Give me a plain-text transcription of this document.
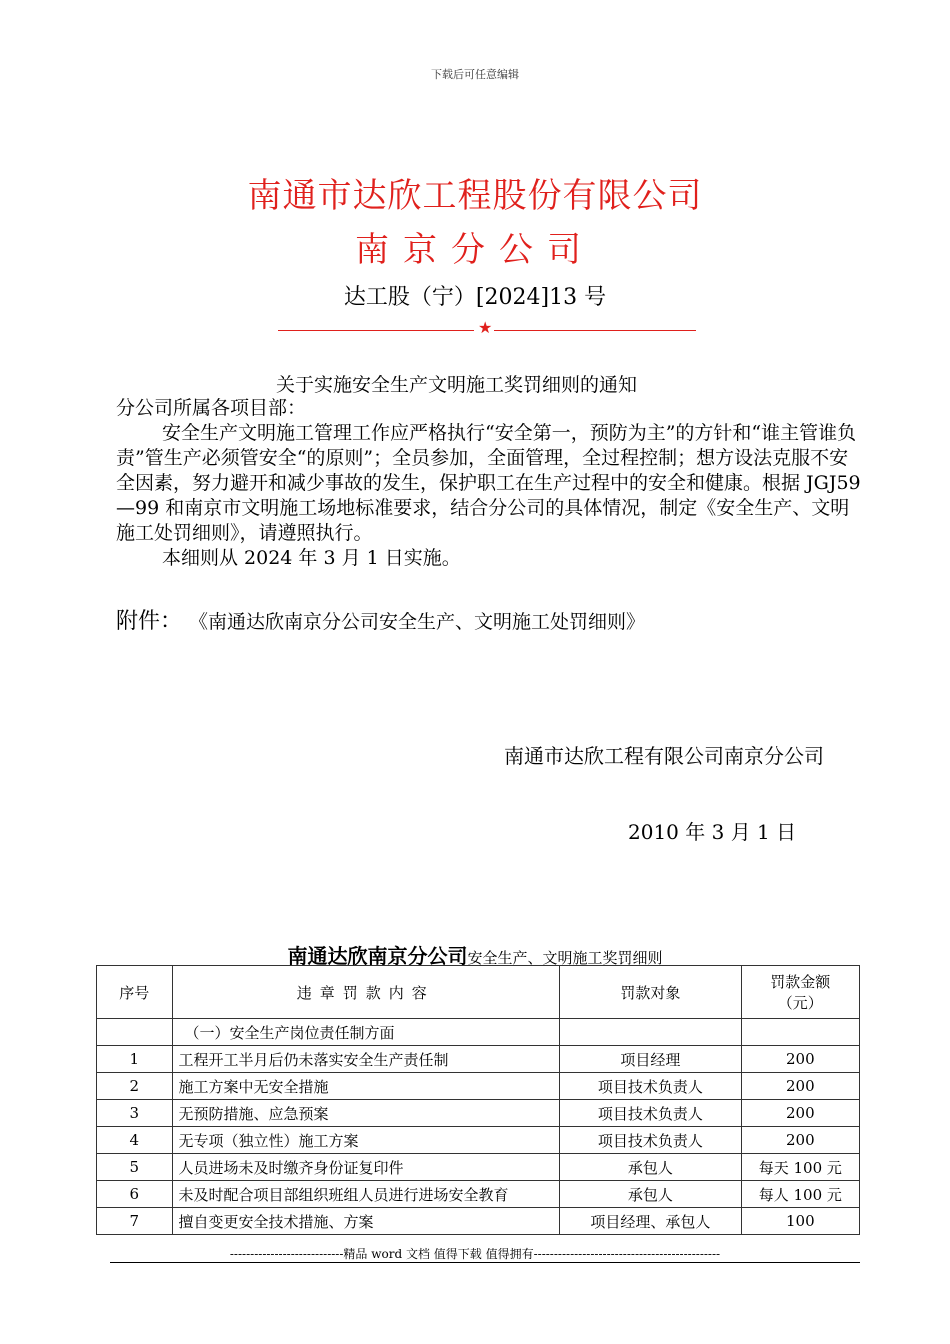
下载后可任意编辑
南通市达欣工程股份有限公司
南京分公司
达工股（宁）[2024]13 号
★
关于实施安全生产文明施工奖罚细则的通知

分公司所属各项目部：

安全生产文明施工管理工作应严格执行“安全第一，预防为主”的方针和“谁主管谁负责”管生产必须管安全“的原则”；全员参加，全面管理，全过程控制；想方设法克服不安全因素，努力避开和减少事故的发生，保护职工在生产过程中的安全和健康。根据 JGJ59—99 和南京市文明施工场地标准要求，结合分公司的具体情况，制定《安全生产、文明施工处罚细则》，请遵照执行。

本细则从 2024 年 3 月 1 日实施。

附件： 《南通达欣南京分公司安全生产、文明施工处罚细则》
南通市达欣工程有限公司南京分公司
2010 年 3 月 1 日
南通达欣南京分公司安全生产、文明施工奖罚细则
序号	违章罚款内容	罚款对象	罚款金额
（元）

	（一）安全生产岗位责任制方面		
1	工程开工半月后仍未落实安全生产责任制	项目经理	200
2	施工方案中无安全措施	项目技术负责人	200
3	无预防措施、应急预案	项目技术负责人	200
4	无专项（独立性）施工方案	项目技术负责人	200
5	人员进场未及时缴齐身份证复印件	承包人	每天 100 元
6	未及时配合项目部组织班组人员进行进场安全教育	承包人	每人 100 元
7	擅自变更安全技术措施、方案	项目经理、承包人	100
----------------------------精品 word 文档 值得下载 值得拥有----------------------------------------------
